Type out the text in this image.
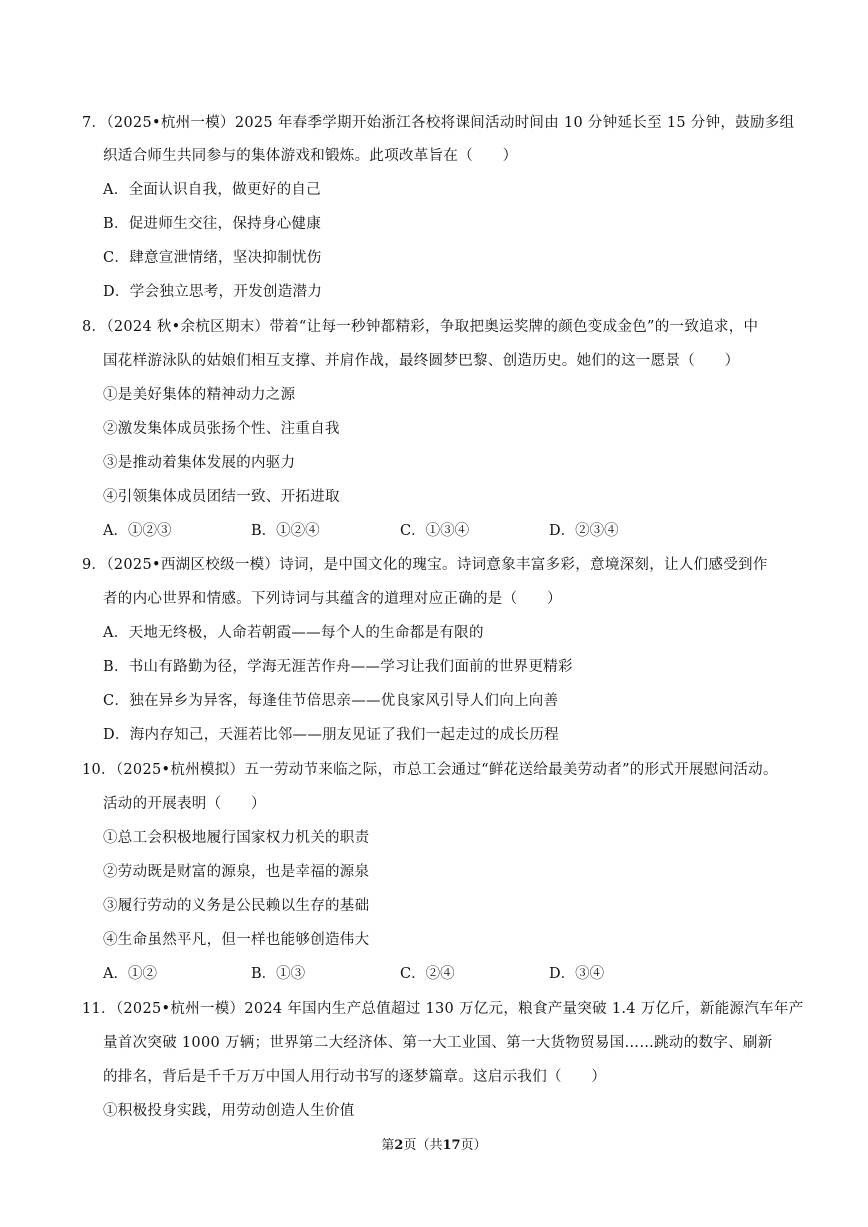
7．（2025•杭州一模）2025 年春季学期开始浙江各校将课间活动时间由 10 分钟延长至 15 分钟，鼓励多组
织适合师生共同参与的集体游戏和锻炼。此项改革旨在（　　）
A．全面认识自我，做更好的自己
B．促进师生交往，保持身心健康
C．肆意宣泄情绪，坚决抑制忧伤
D．学会独立思考，开发创造潜力
8．（2024 秋•余杭区期末）带着“让每一秒钟都精彩，争取把奥运奖牌的颜色变成金色”的一致追求，中
国花样游泳队的姑娘们相互支撑、并肩作战，最终圆梦巴黎、创造历史。她们的这一愿景（　　）
①是美好集体的精神动力之源
②激发集体成员张扬个性、注重自我
③是推动着集体发展的内驱力
④引领集体成员团结一致、开拓进取
A．①②③	B．①②④	C．①③④	D．②③④
9．（2025•西湖区校级一模）诗词，是中国文化的瑰宝。诗词意象丰富多彩，意境深刻，让人们感受到作
者的内心世界和情感。下列诗词与其蕴含的道理对应正确的是（　　）
A．天地无终极，人命若朝霞——每个人的生命都是有限的
B．书山有路勤为径，学海无涯苦作舟——学习让我们面前的世界更精彩
C．独在异乡为异客，每逢佳节倍思亲——优良家风引导人们向上向善
D．海内存知己，天涯若比邻——朋友见证了我们一起走过的成长历程
10．（2025•杭州模拟）五一劳动节来临之际，市总工会通过“鲜花送给最美劳动者”的形式开展慰问活动。
活动的开展表明（　　）
①总工会积极地履行国家权力机关的职责
②劳动既是财富的源泉，也是幸福的源泉
③履行劳动的义务是公民赖以生存的基础
④生命虽然平凡，但一样也能够创造伟大
A．①②	B．①③	C．②④	D．③④
11．（2025•杭州一模）2024 年国内生产总值超过 130 万亿元，粮食产量突破 1.4 万亿斤，新能源汽车年产
量首次突破 1000 万辆；世界第二大经济体、第一大工业国、第一大货物贸易国……跳动的数字、刷新
的排名，背后是千千万万中国人用行动书写的逐梦篇章。这启示我们（　　）
①积极投身实践，用劳动创造人生价值
第2页（共17页）
